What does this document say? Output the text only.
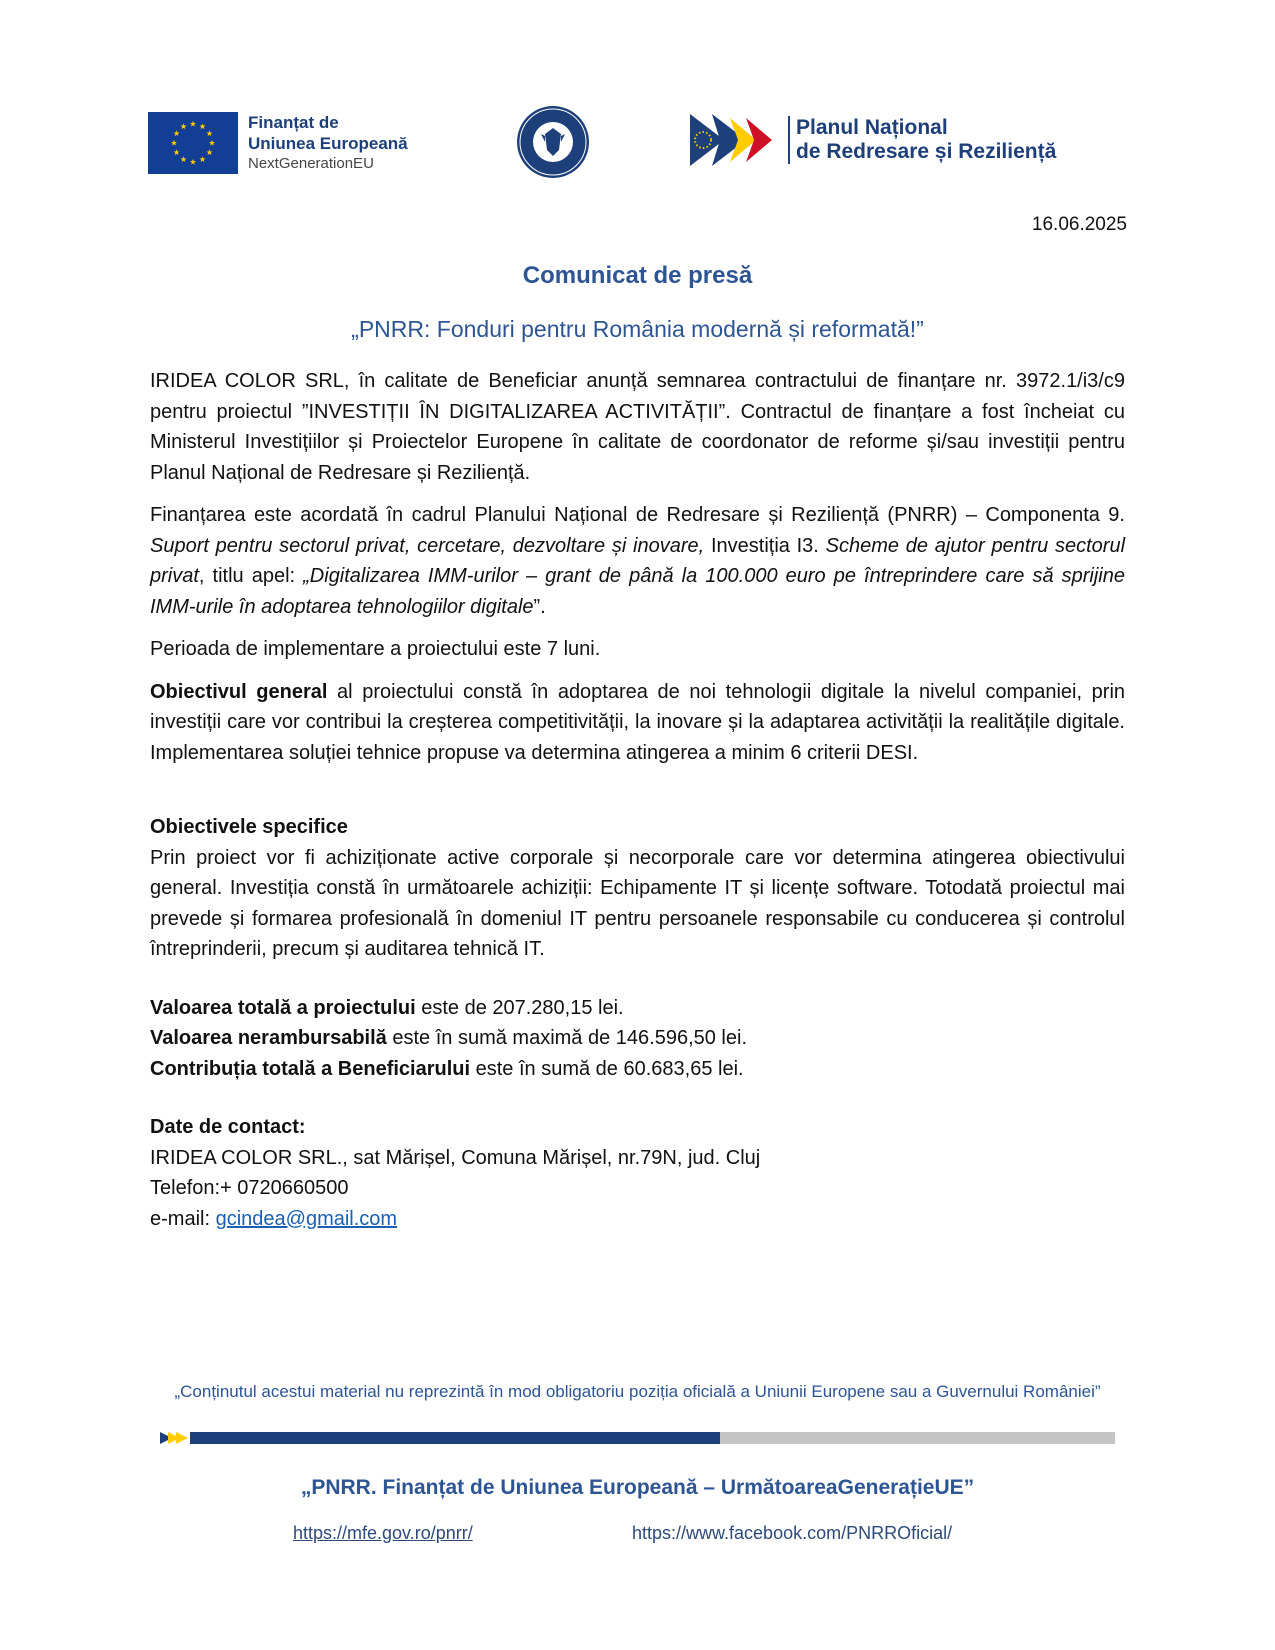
Finanțat de
Uniunea Europeană
NextGenerationEU
Planul Național
de Redresare și Reziliență
16.06.2025
Comunicat de presă
„PNRR: Fonduri pentru România modernă și reformată!”

IRIDEA COLOR SRL, în calitate de Beneficiar anunță semnarea contractului de finanțare nr. 3972.1/i3/c9 pentru proiectul ”INVESTIȚII ÎN DIGITALIZAREA ACTIVITĂȚII”. Contractul de finanțare a fost încheiat cu Ministerul Investițiilor și Proiectelor Europene în calitate de coordonator de reforme și/sau investiții pentru Planul Național de Redresare și Reziliență.

Finanțarea este acordată în cadrul Planului Național de Redresare și Reziliență (PNRR) – Componenta 9. Suport pentru sectorul privat, cercetare, dezvoltare și inovare, Investiția I3. Scheme de ajutor pentru sectorul privat, titlu apel: „Digitalizarea IMM-urilor – grant de până la 100.000 euro pe întreprindere care să sprijine IMM-urile în adoptarea tehnologiilor digitale”.

Perioada de implementare a proiectului este 7 luni.

Obiectivul general al proiectului constă în adoptarea de noi tehnologii digitale la nivelul companiei, prin investiții care vor contribui la creșterea competitivității, la inovare și la adaptarea activității la realitățile digitale. Implementarea soluției tehnice propuse va determina atingerea a minim 6 criterii DESI.

Obiectivele specifice

Prin proiect vor fi achiziționate active corporale și necorporale care vor determina atingerea obiectivului general. Investiția constă în următoarele achiziții: Echipamente IT și licențe software. Totodată proiectul mai prevede și formarea profesională în domeniul IT pentru persoanele responsabile cu conducerea și controlul întreprinderii, precum și auditarea tehnică IT.

Valoarea totală a proiectului este de 207.280,15 lei.

Valoarea nerambursabilă este în sumă maximă de 146.596,50 lei.

Contribuția totală a Beneficiarului este în sumă de 60.683,65 lei.

Date de contact:

IRIDEA COLOR SRL., sat Mărișel, Comuna Mărișel, nr.79N, jud. Cluj

Telefon:+ 0720660500

e-mail: gcindea@gmail.com

„Conținutul acestui material nu reprezintă în mod obligatoriu poziția oficială a Uniunii Europene sau a Guvernului României”
„PNRR. Finanțat de Uniunea Europeană – UrmătoareaGenerațieUE”
https://mfe.gov.ro/pnrr/	https://www.facebook.com/PNRROficial/
